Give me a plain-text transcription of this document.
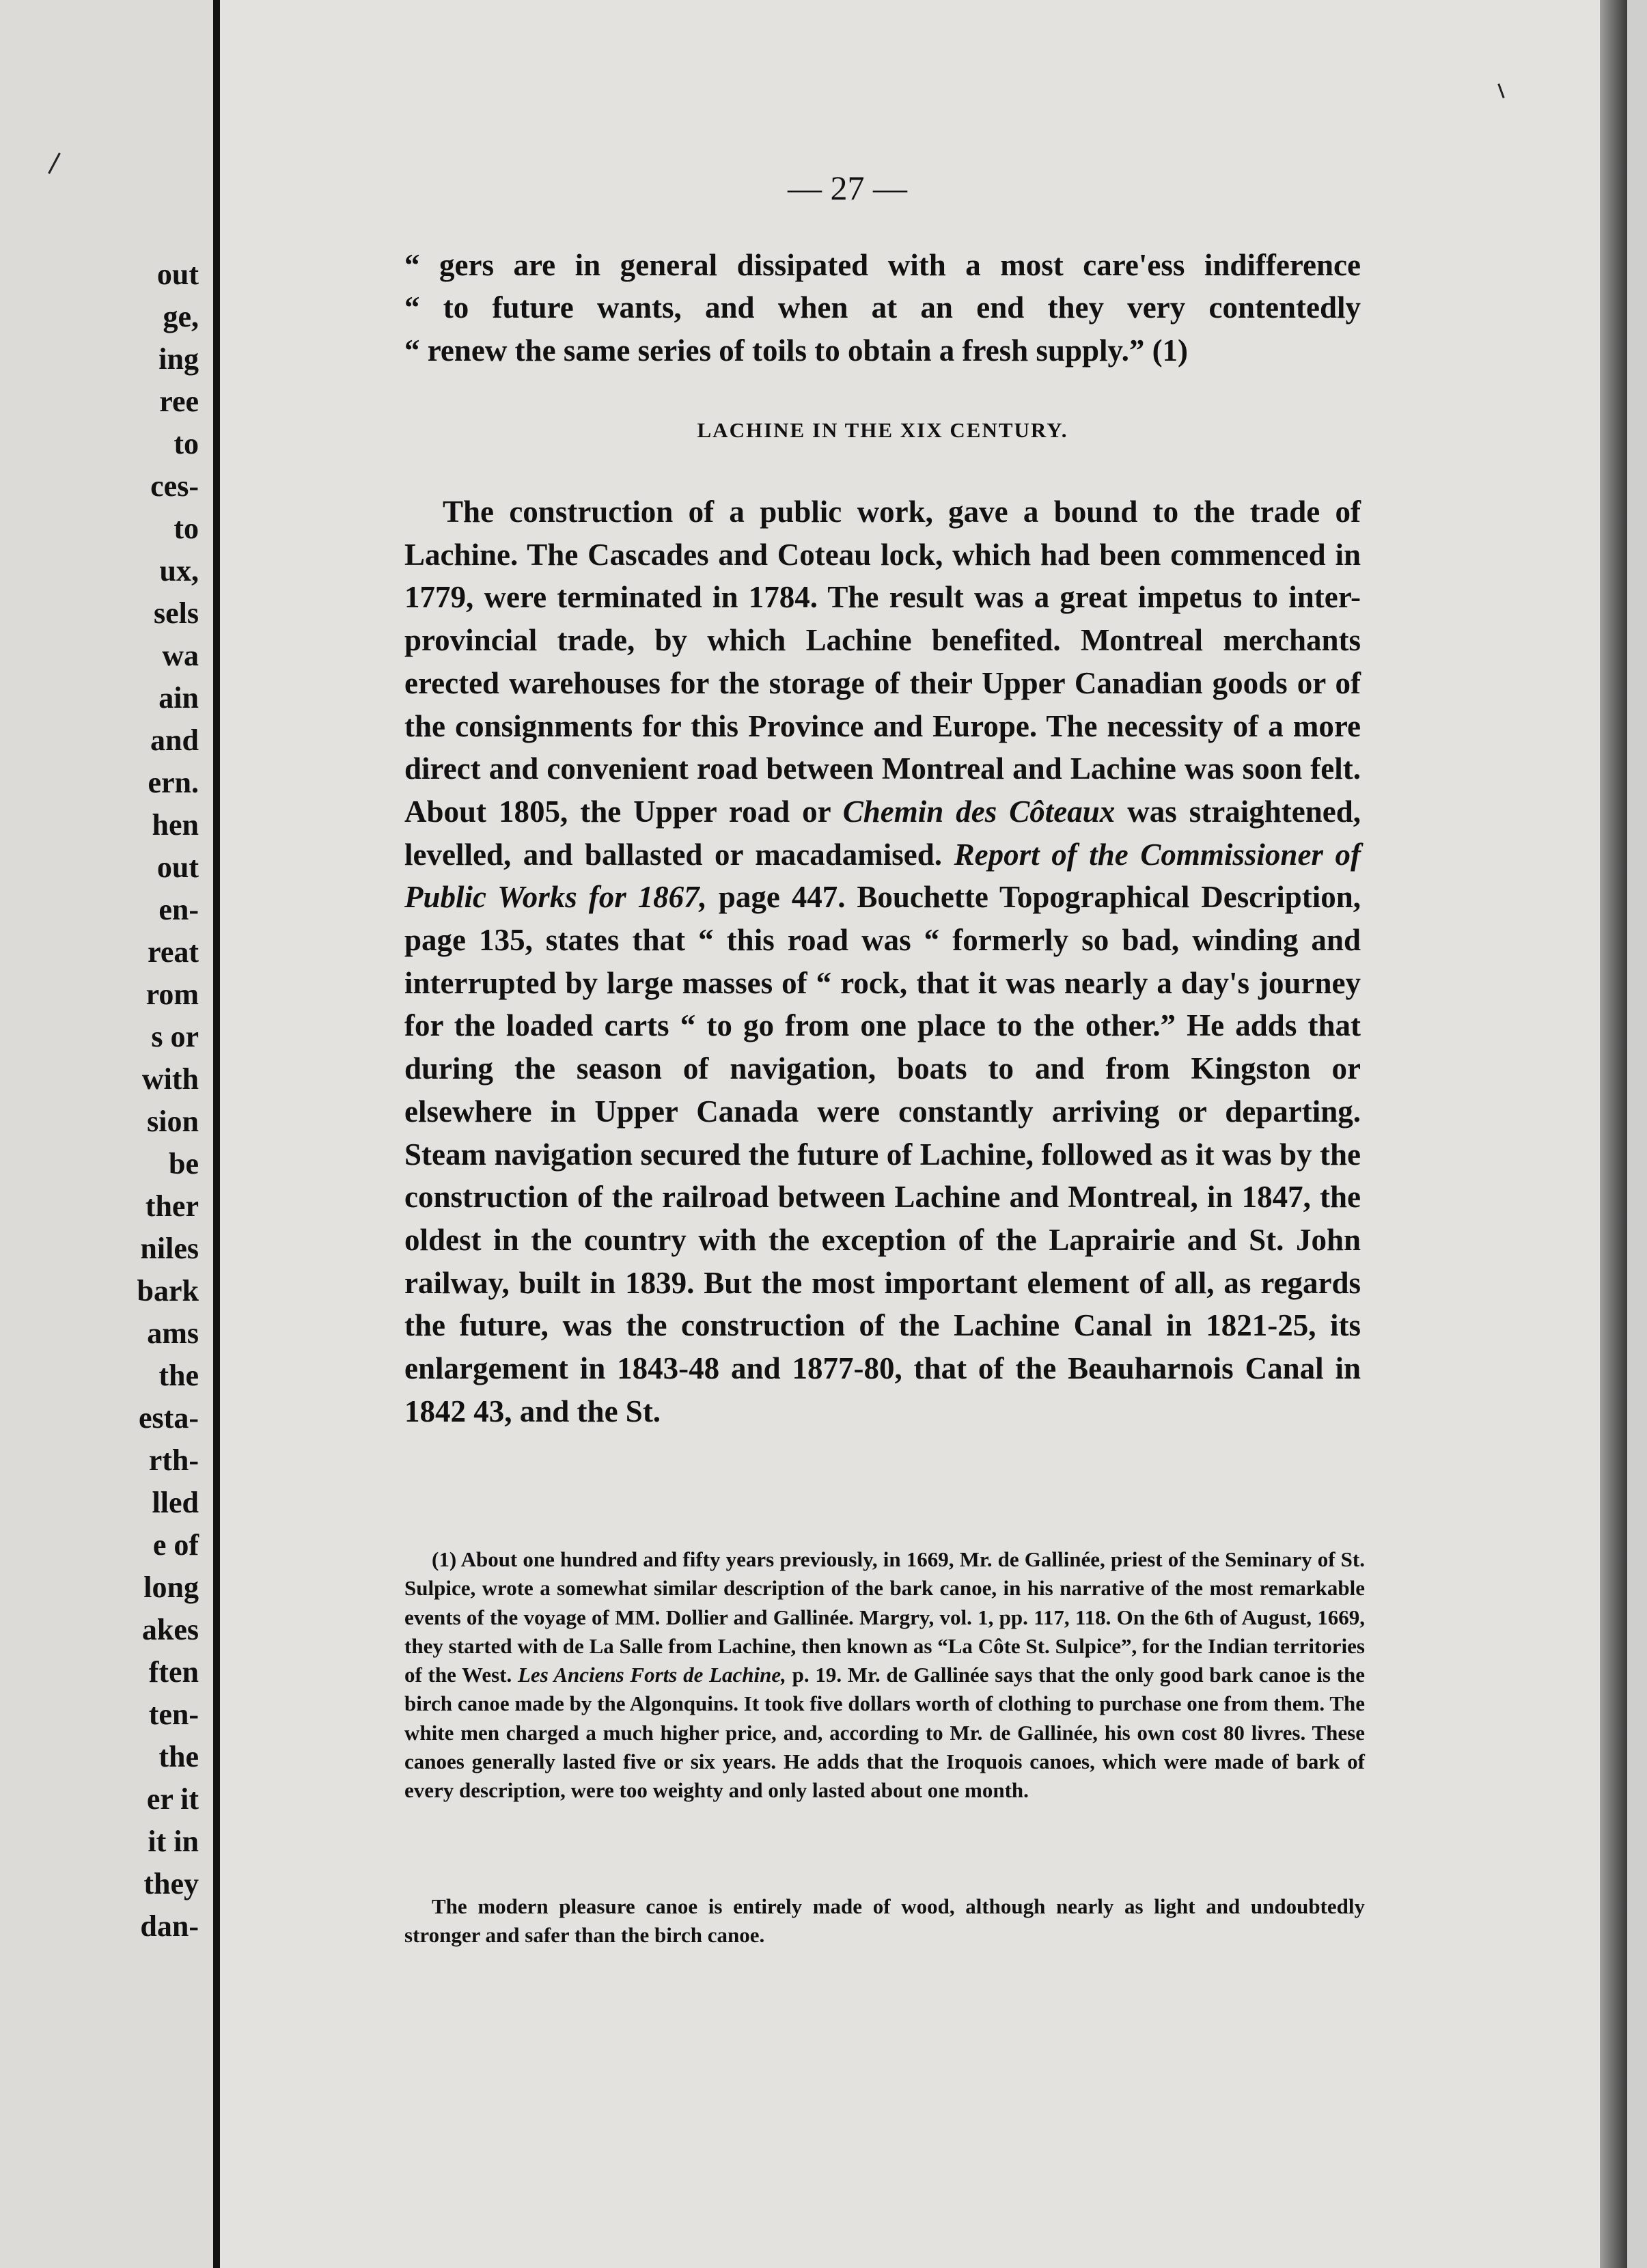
out

ge,

ing

ree

to

ces-

to

ux,

sels

wa

ain

and

ern.

hen

out

en-

reat

rom

s or

with

sion

be

ther

niles

bark

ams

the

esta-

rth-

lled

e of

long

akes

ften

ten-

the

er it

it in

they

dan-

— 27 —

“ gers are in general dissipated with a most care'ess indifference

“ to future wants, and when at an end they very contentedly

“ renew the same series of toils to obtain a fresh supply.” (1)

LACHINE IN THE XIX CENTURY.

The construction of a public work, gave a bound to the trade of Lachine. The Cascades and Coteau lock, which had been commenced in 1779, were terminated in 1784. The result was a great impetus to inter-provincial trade, by which Lachine benefited. Montreal merchants erected warehouses for the storage of their Upper Canadian goods or of the consignments for this Province and Europe. The necessity of a more direct and convenient road between Montreal and Lachine was soon felt. About 1805, the Upper road or Chemin des Côteaux was straightened, levelled, and ballasted or macadamised. Report of the Commissioner of Public Works for 1867, page 447. Bouchette Topographical Description, page 135, states that “ this road was “ formerly so bad, winding and interrupted by large masses of “ rock, that it was nearly a day's journey for the loaded carts “ to go from one place to the other.” He adds that during the season of navigation, boats to and from Kingston or elsewhere in Upper Canada were constantly arriving or departing. Steam navigation secured the future of Lachine, followed as it was by the construction of the railroad between Lachine and Montreal, in 1847, the oldest in the country with the exception of the Laprairie and St. John railway, built in 1839. But the most important element of all, as regards the future, was the construction of the Lachine Canal in 1821-25, its enlargement in 1843-48 and 1877-80, that of the Beauharnois Canal in 1842 43, and the St.

(1) About one hundred and fifty years previously, in 1669, Mr. de Gallinée, priest of the Seminary of St. Sulpice, wrote a somewhat similar description of the bark canoe, in his narrative of the most remarkable events of the voyage of MM. Dollier and Gallinée. Margry, vol. 1, pp. 117, 118. On the 6th of August, 1669, they started with de La Salle from Lachine, then known as “La Côte St. Sulpice”, for the Indian territories of the West. Les Anciens Forts de Lachine, p. 19. Mr. de Gallinée says that the only good bark canoe is the birch canoe made by the Algonquins. It took five dollars worth of clothing to purchase one from them. The white men charged a much higher price, and, according to Mr. de Gallinée, his own cost 80 livres. These canoes generally lasted five or six years. He adds that the Iroquois canoes, which were made of bark of every description, were too weighty and only lasted about one month.

The modern pleasure canoe is entirely made of wood, although nearly as light and undoubtedly stronger and safer than the birch canoe.
